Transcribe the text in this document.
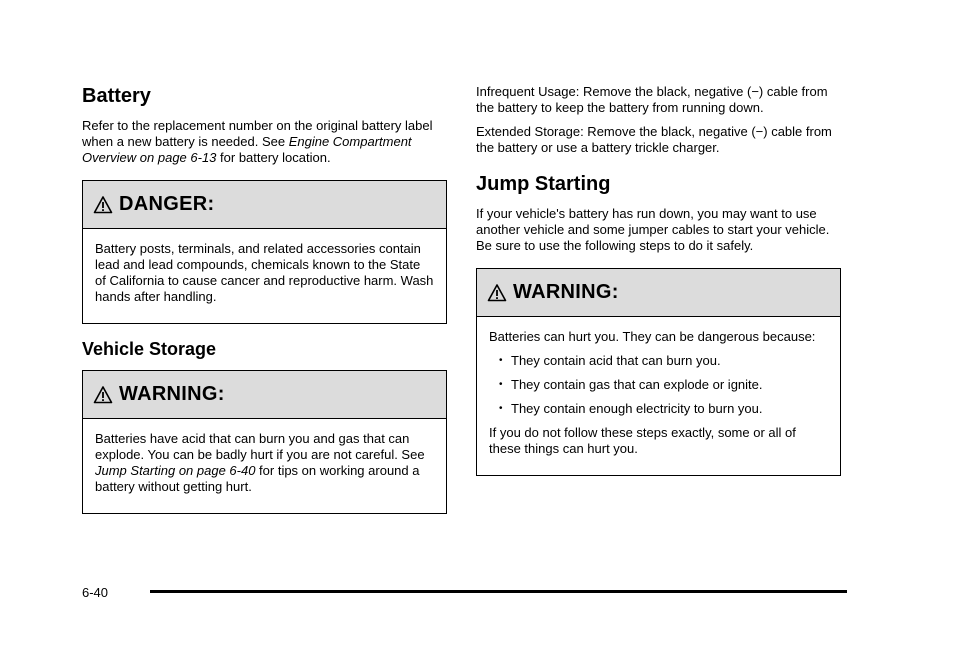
Battery

Refer to the replacement number on the original battery label when a new battery is needed. See Engine Compartment Overview on page 6-13 for battery location.

DANGER:

Battery posts, terminals, and related accessories contain lead and lead compounds, chemicals known to the State of California to cause cancer and reproductive harm. Wash hands after handling.

Vehicle Storage
WARNING:

Batteries have acid that can burn you and gas that can explode. You can be badly hurt if you are not careful. See Jump Starting on page 6-40 for tips on working around a battery without getting hurt.

Infrequent Usage: Remove the black, negative (−) cable from the battery to keep the battery from running down.

Extended Storage: Remove the black, negative (−) cable from the battery or use a battery trickle charger.

Jump Starting

If your vehicle's battery has run down, you may want to use another vehicle and some jumper cables to start your vehicle. Be sure to use the following steps to do it safely.

WARNING:

Batteries can hurt you. They can be dangerous because:

• They contain acid that can burn you.
• They contain gas that can explode or ignite.
• They contain enough electricity to burn you.

If you do not follow these steps exactly, some or all of these things can hurt you.

6-40
